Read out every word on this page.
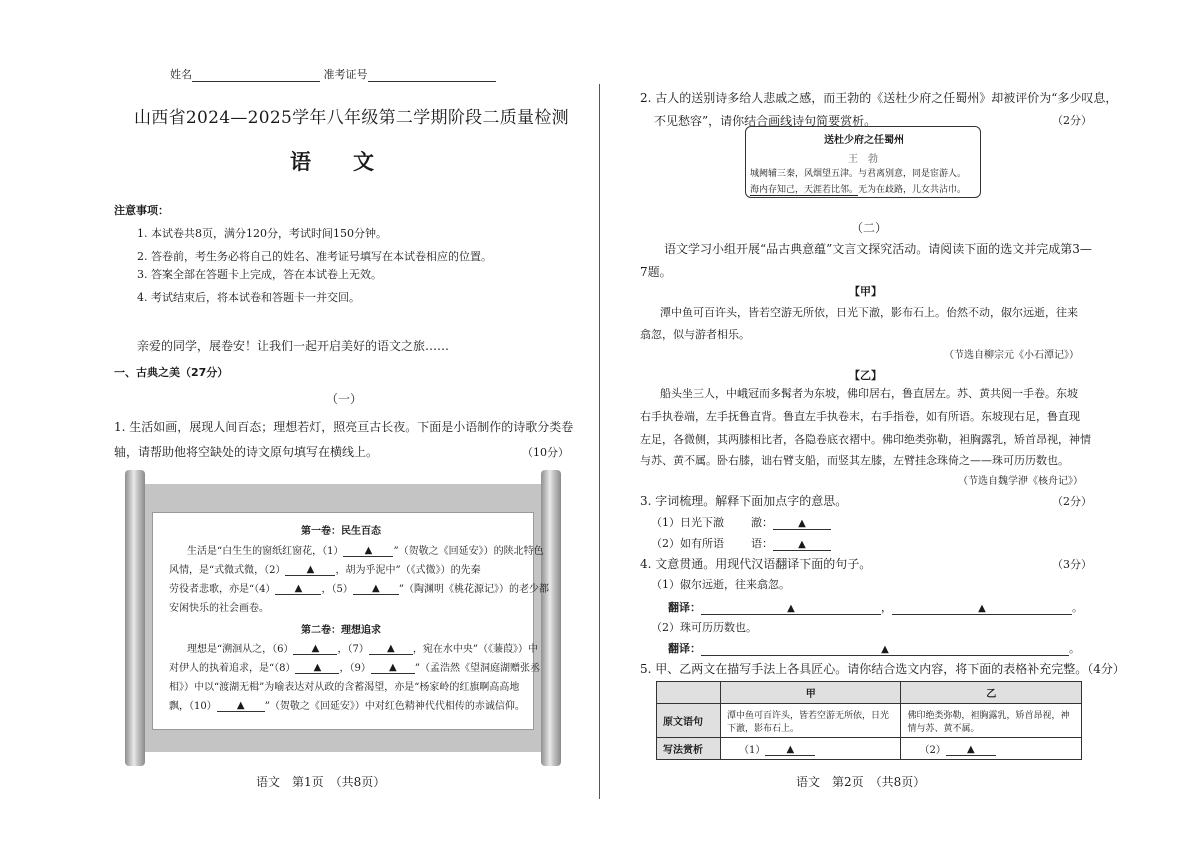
姓名	准考证号
山西省2024—2025学年八年级第二学期阶段二质量检测
语　　文
注意事项：
1. 本试卷共8页，满分120分，考试时间150分钟。
2. 答卷前，考生务必将自己的姓名、准考证号填写在本试卷相应的位置。
3. 答案全部在答题卡上完成，答在本试卷上无效。
4. 考试结束后，将本试卷和答题卡一并交回。
亲爱的同学，展卷安！让我们一起开启美好的语文之旅……
一、古典之美（27分）
（一）
1. 生活如画，展现人间百态；理想若灯，照亮亘古长夜。下面是小语制作的诗歌分类卷
轴，请帮助他将空缺处的诗文原句填写在横线上。	（10分）
第一卷：民生百态
生活是“白生生的窗纸红窗花，（1） ▲ ”（贺敬之《回延安》）的陕北特色
风情，是“式微式微，（2） ▲ ，胡为乎泥中”（《式微》）的先秦
劳役者悲歌，亦是“（4） ▲ ，（5） ▲ ”（陶渊明《桃花源记》）的老少都
安闲快乐的社会画卷。
第二卷：理想追求
理想是“溯洄从之，（6） ▲ ，（7） ▲ ，宛在水中央”（《蒹葭》）中
对伊人的执着追求，是“（8） ▲ ，（9） ▲ ”（孟浩然《望洞庭湖赠张丞
相》）中以“渡湖无楫”为喻表达对从政的含蓄渴望，亦是“杨家岭的红旗啊高高地
飘，（10） ▲ ”（贺敬之《回延安》）中对红色精神代代相传的赤诚信仰。
语文　第1页　（共8页）
2. 古人的送别诗多给人悲戚之感，而王勃的《送杜少府之任蜀州》却被评价为“多少叹息，
不见愁容”，请你结合画线诗句简要赏析。	（2分）
送杜少府之任蜀州
王　勃
城阙辅三秦，风烟望五津。与君离别意，同是宦游人。
海内存知己，天涯若比邻。无为在歧路，儿女共沾巾。
（二）
语文学习小组开展“品古典意蕴”文言文探究活动。请阅读下面的选文并完成第3—
7题。
【甲】
潭中鱼可百许头，皆若空游无所依，日光下澈，影布石上。佁然不动，俶尔远逝，往来
翕忽，似与游者相乐。
（节选自柳宗元《小石潭记》）
【乙】
船头坐三人，中峨冠而多髯者为东坡，佛印居右，鲁直居左。苏、黄共阅一手卷。东坡
右手执卷端，左手抚鲁直背。鲁直左手执卷末，右手指卷，如有所语。东坡现右足，鲁直现
左足，各微侧，其两膝相比者，各隐卷底衣褶中。佛印绝类弥勒，袒胸露乳，矫首昂视，神情
与苏、黄不属。卧右膝，诎右臂支船，而竖其左膝，左臂挂念珠倚之——珠可历历数也。
（节选自魏学洢《核舟记》）
3. 字词梳理。解释下面加点字的意思。	（2分）
（1）日光下澈 澈：	▲
（2）如有所语 语：	▲
4. 文意贯通。用现代汉语翻译下面的句子。	（3分）
（1）俶尔远逝，往来翕忽。
翻译：	▲	，	▲	。
（2）珠可历历数也。
翻译：	▲	。
5. 甲、乙两文在描写手法上各具匠心。请你结合选文内容，将下面的表格补充完整。（4分）
	甲	乙
原文语句	潭中鱼可百许头，皆若空游无所依，日光下澈，影布石上。	佛印绝类弥勒，袒胸露乳，矫首昂视，神情与苏、黄不属。
写法赏析	（1） ▲	（2） ▲
语文　第2页　（共8页）
